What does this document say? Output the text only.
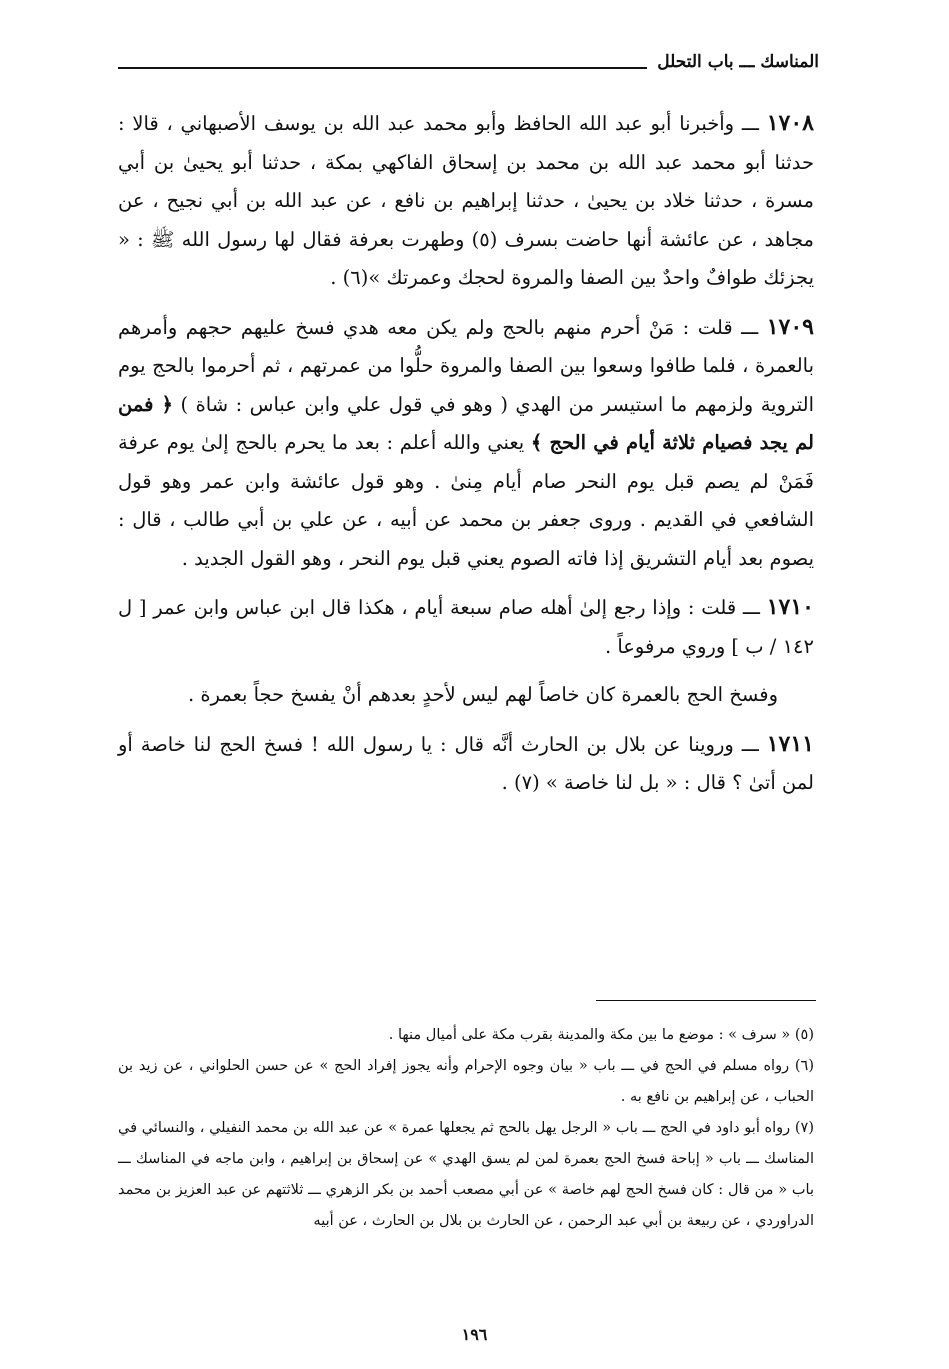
المناسك ـــ باب التحلل

١٧٠٨ ـــ وأخبرنا أبو عبد الله الحافظ وأبو محمد عبد الله بن يوسف الأصبهاني ، قالا : حدثنا أبو محمد عبد الله بن محمد بن إسحاق الفاكهي بمكة ، حدثنا أبو يحيىٰ بن أبي مسرة ، حدثنا خلاد بن يحيىٰ ، حدثنا إبراهيم بن نافع ، عن عبد الله بن أبي نجيح ، عن مجاهد ، عن عائشة أنها حاضت بسرف (٥) وطهرت بعرفة فقال لها رسول الله ﷺ : « يجزئك طوافٌ واحدٌ بين الصفا والمروة لحجك وعمرتك »(٦) .

١٧٠٩ ـــ قلت : مَنْ أحرم منهم بالحج ولم يكن معه هدي فسخ عليهم حجهم وأمرهم بالعمرة ، فلما طافوا وسعوا بين الصفا والمروة حلُّوا من عمرتهم ، ثم أحرموا بالحج يوم التروية ولزمهم ما استيسر من الهدي ( وهو في قول علي وابن عباس : شاة ) ﴿ فمن لم يجد فصيام ثلاثة أيام في الحج ﴾ يعني والله أعلم : بعد ما يحرم بالحج إلىٰ يوم عرفة فَمَنْ لم يصم قبل يوم النحر صام أيام مِنىٰ . وهو قول عائشة وابن عمر وهو قول الشافعي في القديم . وروى جعفر بن محمد عن أبيه ، عن علي بن أبي طالب ، قال : يصوم بعد أيام التشريق إذا فاته الصوم يعني قبل يوم النحر ، وهو القول الجديد .

١٧١٠ ـــ قلت : وإذا رجع إلىٰ أهله صام سبعة أيام ، هكذا قال ابن عباس وابن عمر [ ل ١٤٢ / ب ] وروي مرفوعاً .

وفسخ الحج بالعمرة كان خاصاً لهم ليس لأحدٍ بعدهم أنْ يفسخ حجاً بعمرة .

١٧١١ ـــ وروينا عن بلال بن الحارث أنَّه قال : يا رسول الله ! فسخ الحج لنا خاصة أو لمن أتىٰ ؟ قال : « بل لنا خاصة » (٧) .

(٥) « سرف » : موضع ما بين مكة والمدينة بقرب مكة على أميال منها .

(٦) رواه مسلم في الحج في ـــ باب « بيان وجوه الإحرام وأنه يجوز إفراد الحج » عن حسن الحلواني ، عن زيد بن الحباب ، عن إبراهيم بن نافع به .

(٧) رواه أبو داود في الحج ـــ باب « الرجل يهل بالحج ثم يجعلها عمرة » عن عبد الله بن محمد النفيلي ، والنسائي في المناسك ـــ باب « إباحة فسخ الحج بعمرة لمن لم يسق الهدي » عن إسحاق بن إبراهيم ، وابن ماجه في المناسك ـــ باب « من قال : كان فسخ الحج لهم خاصة » عن أبي مصعب أحمد بن بكر الزهري ـــ ثلاثتهم عن عبد العزيز بن محمد الدراوردي ، عن ربيعة بن أبي عبد الرحمن ، عن الحارث بن بلال بن الحارث ، عن أبيه

١٩٦
